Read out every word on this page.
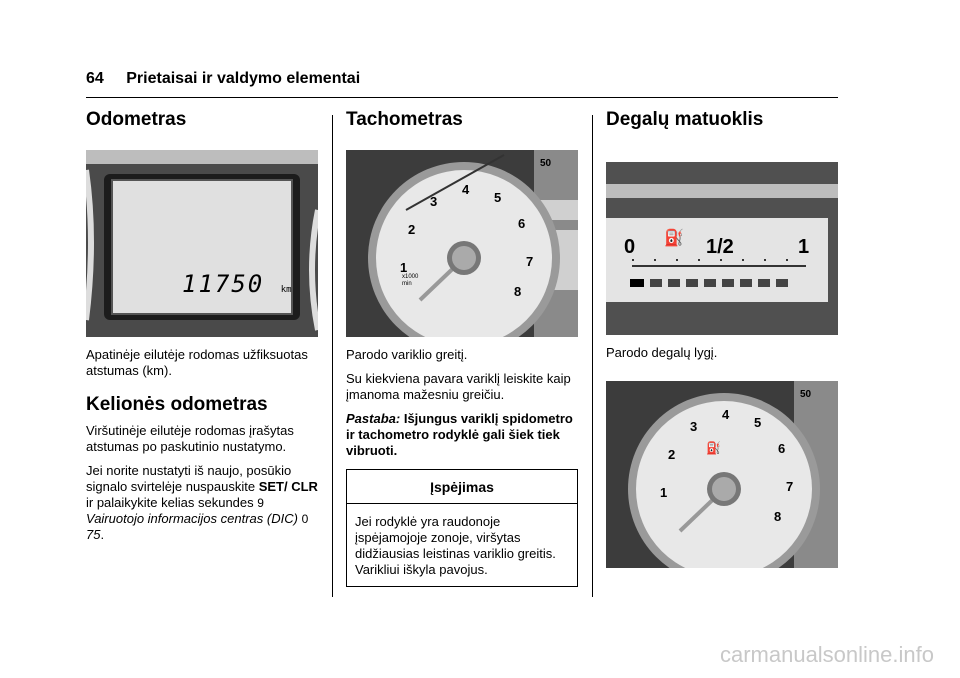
64 Prietaisai ir valdymo elementai
Odometras
11750 km

Apatinėje eilutėje rodomas užfiksuotas atstumas (km).

Kelionės odometras

Viršutinėje eilutėje rodomas įrašytas atstumas po paskutinio nustatymo.

Jei norite nustatyti iš naujo, posūkio signalo svirtelėje nuspauskite SET/ CLR ir palaikykite kelias sekundes 9 Vairuotojo informacijos centras (DIC) 0 75.

Tachometras
1
2
3
4
5
6
7
8
x1000 min
50

Parodo variklio greitį.

Su kiekviena pavara variklį leiskite kaip įmanoma mažesniu greičiu.

Pastaba: Išjungus variklį spidometro ir tachometro rodyklė gali šiek tiek vibruoti.

Įspėjimas
Jei rodyklė yra raudonoje įspėjamojoje zonoje, viršytas didžiausias leistinas variklio greitis. Varikliui iškyla pavojus.
Degalų matuoklis
⛽
0	1/2	1

Parodo degalų lygį.

⛽
1
2
3
4
5
6
7
8
50
carmanualsonline.info
